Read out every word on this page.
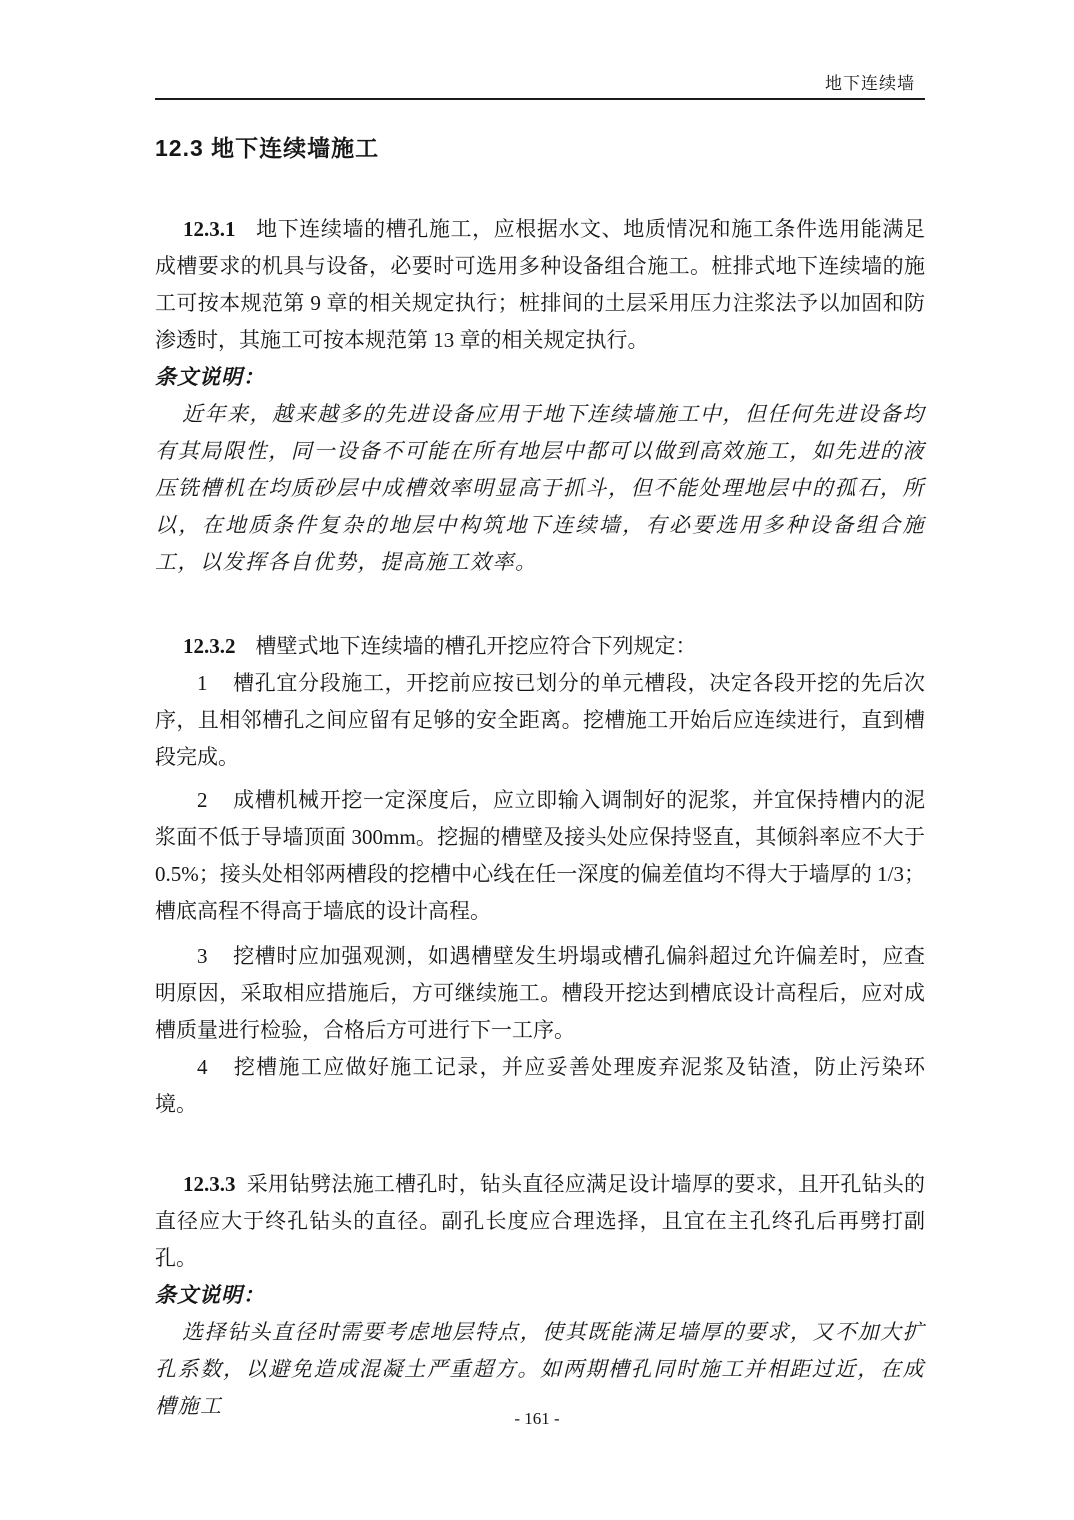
地下连续墙
12.3 地下连续墙施工

12.3.1 地下连续墙的槽孔施工，应根据水文、地质情况和施工条件选用能满足成槽要求的机具与设备，必要时可选用多种设备组合施工。桩排式地下连续墙的施工可按本规范第 9 章的相关规定执行；桩排间的土层采用压力注浆法予以加固和防渗透时，其施工可按本规范第 13 章的相关规定执行。

条文说明：

近年来，越来越多的先进设备应用于地下连续墙施工中，但任何先进设备均有其局限性，同一设备不可能在所有地层中都可以做到高效施工，如先进的液压铣槽机在均质砂层中成槽效率明显高于抓斗，但不能处理地层中的孤石，所以，在地质条件复杂的地层中构筑地下连续墙，有必要选用多种设备组合施工，以发挥各自优势，提高施工效率。

12.3.2 槽壁式地下连续墙的槽孔开挖应符合下列规定：

1 槽孔宜分段施工，开挖前应按已划分的单元槽段，决定各段开挖的先后次序，且相邻槽孔之间应留有足够的安全距离。挖槽施工开始后应连续进行，直到槽段完成。

2 成槽机械开挖一定深度后，应立即输入调制好的泥浆，并宜保持槽内的泥浆面不低于导墙顶面 300mm。挖掘的槽壁及接头处应保持竖直，其倾斜率应不大于0.5%；接头处相邻两槽段的挖槽中心线在任一深度的偏差值均不得大于墙厚的 1/3；槽底高程不得高于墙底的设计高程。

3 挖槽时应加强观测，如遇槽壁发生坍塌或槽孔偏斜超过允许偏差时，应查明原因，采取相应措施后，方可继续施工。槽段开挖达到槽底设计高程后，应对成槽质量进行检验，合格后方可进行下一工序。

4 挖槽施工应做好施工记录，并应妥善处理废弃泥浆及钻渣，防止污染环境。

12.3.3 采用钻劈法施工槽孔时，钻头直径应满足设计墙厚的要求，且开孔钻头的直径应大于终孔钻头的直径。副孔长度应合理选择，且宜在主孔终孔后再劈打副孔。

条文说明：

选择钻头直径时需要考虑地层特点，使其既能满足墙厚的要求，又不加大扩孔系数，以避免造成混凝土严重超方。如两期槽孔同时施工并相距过近，在成槽施工

- 161 -
